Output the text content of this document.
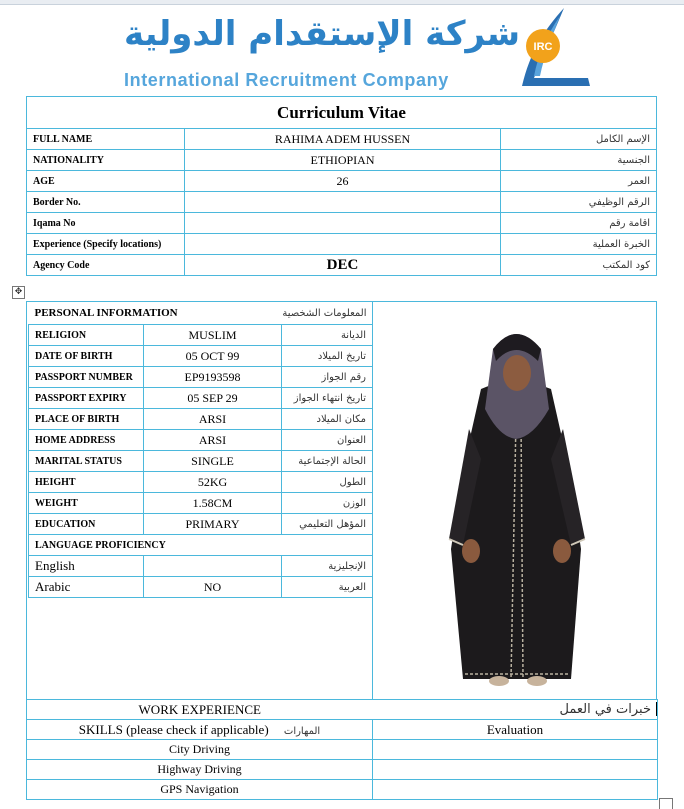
شركة الإستقدام الدولية
International Recruitment Company
IRC
Curriculum Vitae		
FULL NAME	RAHIMA ADEM HUSSEN	الإسم الكامل
NATIONALITY	ETHIOPIAN	الجنسية
AGE	26	العمر
Border No.		الرقم الوظيفي
Iqama No		اقامة رقم
Experience (Specify locations)		الخبرة العملية
Agency Code	DEC	كود المكتب
✥
PERSONAL INFORMATION		المعلومات الشخصية
RELIGION	MUSLIM	الديانة
DATE OF BIRTH	05 OCT 99	تاريخ الميلاد
PASSPORT NUMBER	EP9193598	رقم الجواز
PASSPORT EXPIRY	05 SEP 29	تاريخ انتهاء الجواز
PLACE OF BIRTH	ARSI	مكان الميلاد
HOME ADDRESS	ARSI	العنوان
MARITAL STATUS	SINGLE	الحالة الإجتماعية
HEIGHT	52KG	الطول
WEIGHT	1.58CM	الوزن
EDUCATION	PRIMARY	المؤهل التعليمي
LANGUAGE PROFICIENCY		
English		الإنجليزية
Arabic	NO	العربية
WORK EXPERIENCE	خبرات في العمل
SKILLS (please check if applicable) المهارات	Evaluation
City Driving	
Highway Driving	
GPS Navigation	
